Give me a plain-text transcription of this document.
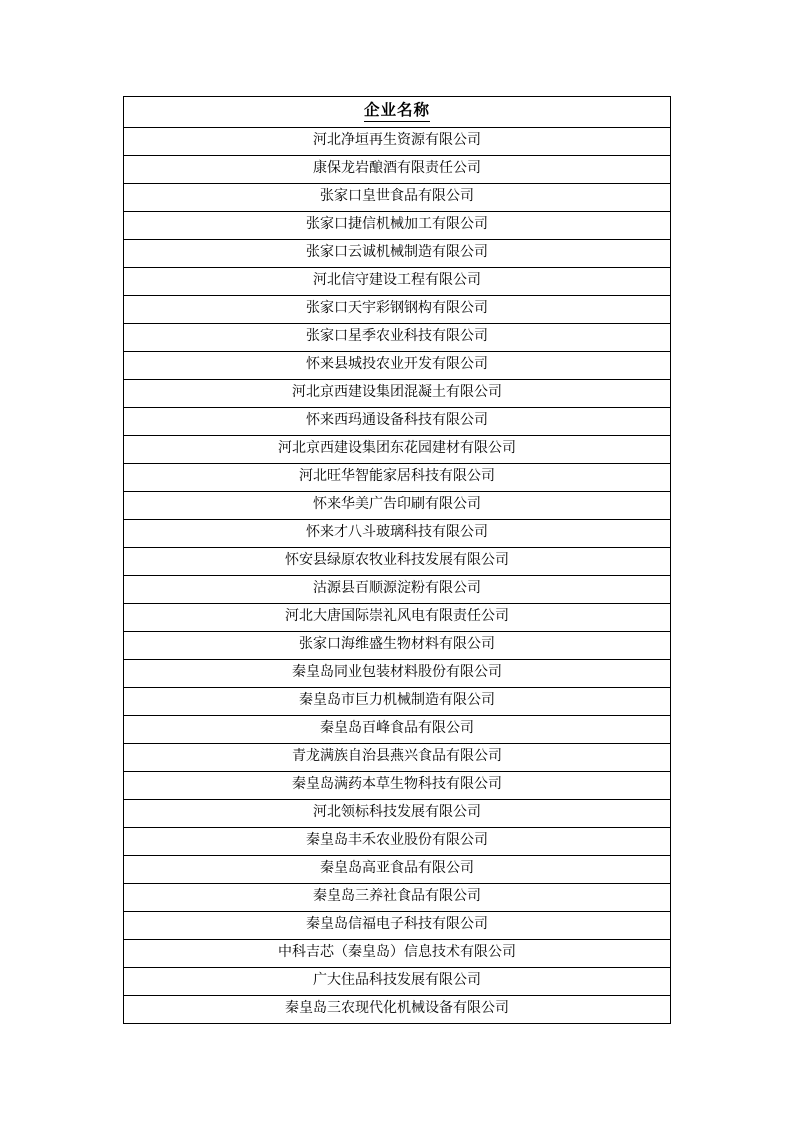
企业名称
河北净垣再生资源有限公司
康保龙岩酿酒有限责任公司
张家口皇世食品有限公司
张家口捷信机械加工有限公司
张家口云诚机械制造有限公司
河北信守建设工程有限公司
张家口天宇彩钢钢构有限公司
张家口星季农业科技有限公司
怀来县城投农业开发有限公司
河北京西建设集团混凝土有限公司
怀来西玛通设备科技有限公司
河北京西建设集团东花园建材有限公司
河北旺华智能家居科技有限公司
怀来华美广告印刷有限公司
怀来才八斗玻璃科技有限公司
怀安县绿原农牧业科技发展有限公司
沽源县百顺源淀粉有限公司
河北大唐国际崇礼风电有限责任公司
张家口海维盛生物材料有限公司
秦皇岛同业包装材料股份有限公司
秦皇岛市巨力机械制造有限公司
秦皇岛百峰食品有限公司
青龙满族自治县燕兴食品有限公司
秦皇岛满药本草生物科技有限公司
河北领标科技发展有限公司
秦皇岛丰禾农业股份有限公司
秦皇岛高亚食品有限公司
秦皇岛三养社食品有限公司
秦皇岛信福电子科技有限公司
中科吉芯（秦皇岛）信息技术有限公司
广大住品科技发展有限公司
秦皇岛三农现代化机械设备有限公司
